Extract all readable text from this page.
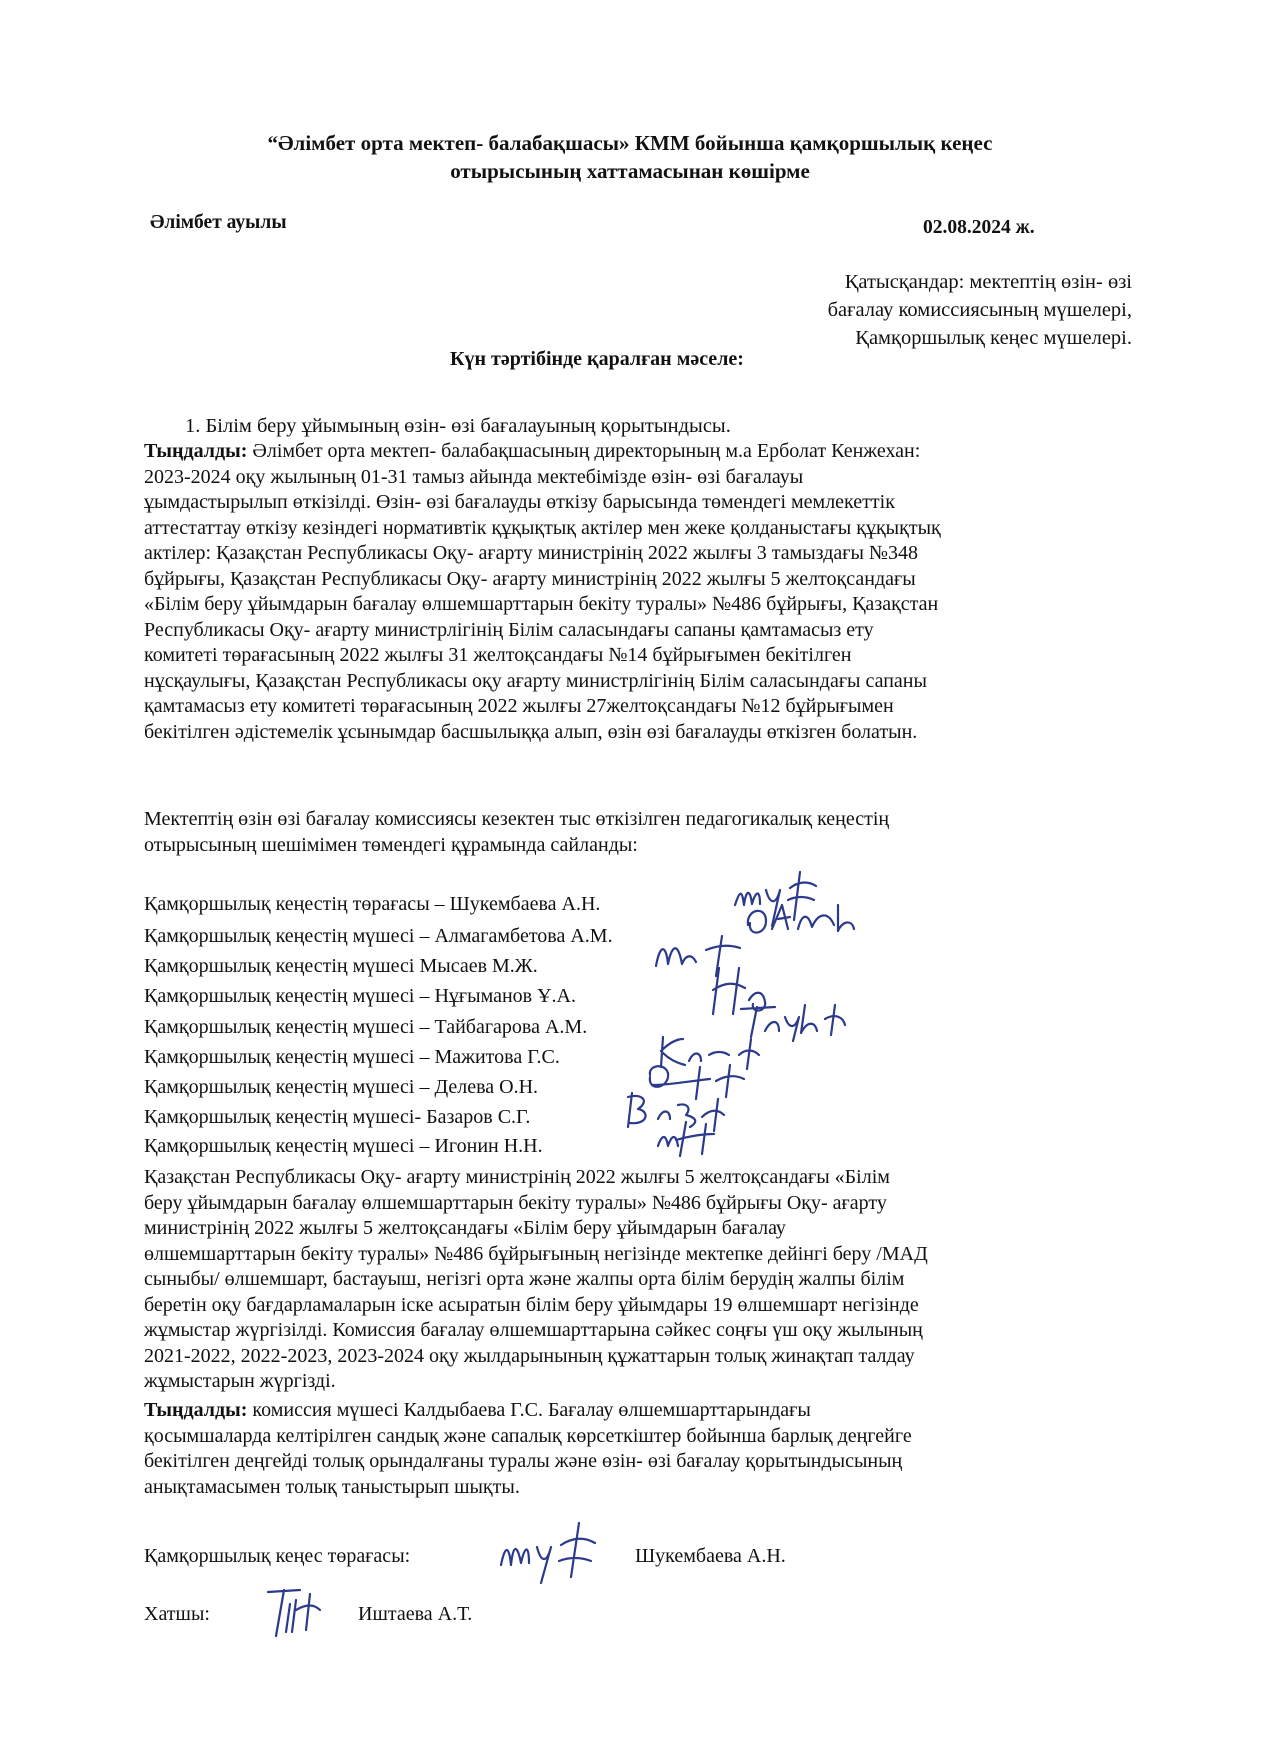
“Әлімбет орта мектеп- балабақшасы» КММ бойынша қамқоршылық кеңес
отырысының хаттамасынан көшірме
Әлімбет ауылы	02.08.2024 ж.
Қатысқандар: мектептің өзін- өзі
бағалау комиссиясының мүшелері,
Қамқоршылық кеңес мүшелері.
Күн тәртібінде қаралған мәселе:
1. Білім беру ұйымының өзін- өзі бағалауының қорытындысы.
Тыңдалды: Әлімбет орта мектеп- балабақшасының директорының м.а Ерболат Кенжехан:
2023-2024 оқу жылының 01-31 тамыз айында мектебімізде өзін- өзі бағалауы
ұымдастырылып өткізілді. Өзін- өзі бағалауды өткізу барысында төмендегі мемлекеттік
аттестаттау өткізу кезіндегі нормативтік құқықтық актілер мен жеке қолданыстағы құқықтық
актілер: Қазақстан Республикасы Оқу- ағарту министрінің 2022 жылғы 3 тамыздағы №348
бұйрығы, Қазақстан Республикасы Оқу- ағарту министрінің 2022 жылғы 5 желтоқсандағы
«Білім беру ұйымдарын бағалау өлшемшарттарын бекіту туралы» №486 бұйрығы, Қазақстан
Республикасы Оқу- ағарту министрлігінің Білім саласындағы сапаны қамтамасыз ету
комитеті төрағасының 2022 жылғы 31 желтоқсандағы №14 бұйрығымен бекітілген
нұсқаулығы, Қазақстан Республикасы оқу ағарту министрлігінің Білім саласындағы сапаны
қамтамасыз ету комитеті төрағасының 2022 жылғы 27желтоқсандағы №12 бұйрығымен
бекітілген әдістемелік ұсынымдар басшылыққа алып, өзін өзі бағалауды өткізген болатын.
Мектептің өзін өзі бағалау комиссиясы кезектен тыс өткізілген педагогикалық кеңестің
отырысының шешімімен төмендегі құрамында сайланды:
Қамқоршылық кеңестің төрағасы – Шукембаева А.Н.
Қамқоршылық кеңестің мүшесі – Алмагамбетова А.М.
Қамқоршылық кеңестің мүшесі Мысаев М.Ж.
Қамқоршылық кеңестің мүшесі – Нұғыманов Ұ.А.
Қамқоршылық кеңестің мүшесі – Тайбагарова А.М.
Қамқоршылық кеңестің мүшесі – Мажитова Г.С.
Қамқоршылық кеңестің мүшесі – Делева О.Н.
Қамқоршылық кеңестің мүшесі- Базаров С.Г.
Қамқоршылық кеңестің мүшесі – Игонин Н.Н.
Қазақстан Республикасы Оқу- ағарту министрінің 2022 жылғы 5 желтоқсандағы «Білім
беру ұйымдарын бағалау өлшемшарттарын бекіту туралы» №486 бұйрығы Оқу- ағарту
министрінің 2022 жылғы 5 желтоқсандағы «Білім беру ұйымдарын бағалау
өлшемшарттарын бекіту туралы» №486 бұйрығының негізінде мектепке дейінгі беру /МАД
сыныбы/ өлшемшарт, бастауыш, негізгі орта және жалпы орта білім берудің жалпы білім
беретін оқу бағдарламаларын іске асыратын білім беру ұйымдары 19 өлшемшарт негізінде
жұмыстар жүргізілді. Комиссия бағалау өлшемшарттарына сәйкес соңғы үш оқу жылының
2021-2022, 2022-2023, 2023-2024 оқу жылдарынының құжаттарын толық жинақтап талдау
жұмыстарын жүргізді.
Тыңдалды: комиссия мүшесі Калдыбаева Г.С. Бағалау өлшемшарттарындағы
қосымшаларда келтірілген сандық және сапалық көрсеткіштер бойынша барлық деңгейге
бекітілген деңгейді толық орындалғаны туралы және өзін- өзі бағалау қорытындысының
анықтамасымен толық таныстырып шықты.
Қамқоршылық кеңес төрағасы:	Шукембаева А.Н.
Хатшы:	Иштаева А.Т.
